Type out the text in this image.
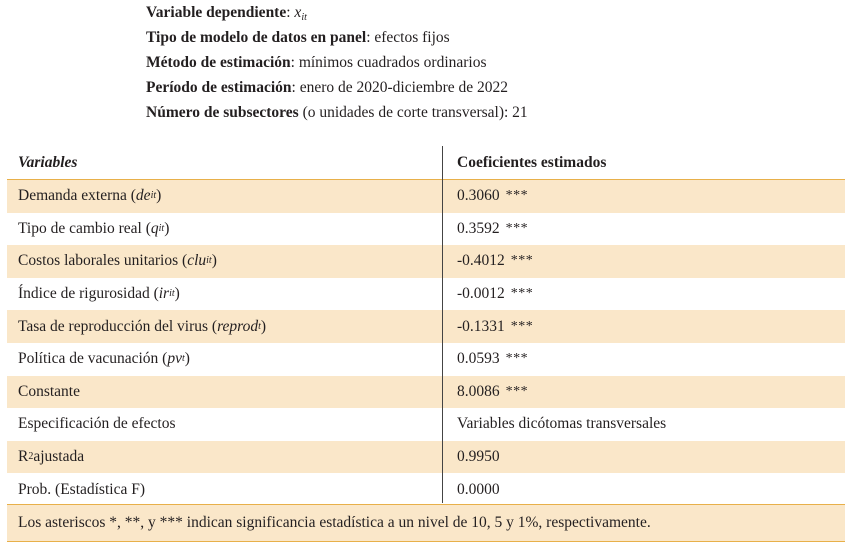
Variable dependiente: $x_{it}$
Tipo de modelo de datos en panel: efectos fijos
Método de estimación: mínimos cuadrados ordinarios
Período de estimación: enero de 2020-diciembre de 2022
Número de subsectores (o unidades de corte transversal): 21
Variables	Coeficientes estimados
Demanda externa ( de it )	0.3060 ***
Tipo de cambio real ( q it )	0.3592 ***
Costos laborales unitarios ( clu it )	-0.4012 ***
Índice de rigurosidad ( ir it )	-0.0012 ***
Tasa de reproducción del virus ( reprod t )	-0.1331 ***
Política de vacunación ( pv t )	0.0593 ***
Constante	8.0086 ***
Especificación de efectos	Variables dicótomas transversales
R 2 ajustada	0.9950
Prob. (Estadística F)	0.0000
Los asteriscos *, **, y *** indican significancia estadística a un nivel de 10, 5 y 1%, respectivamente.
